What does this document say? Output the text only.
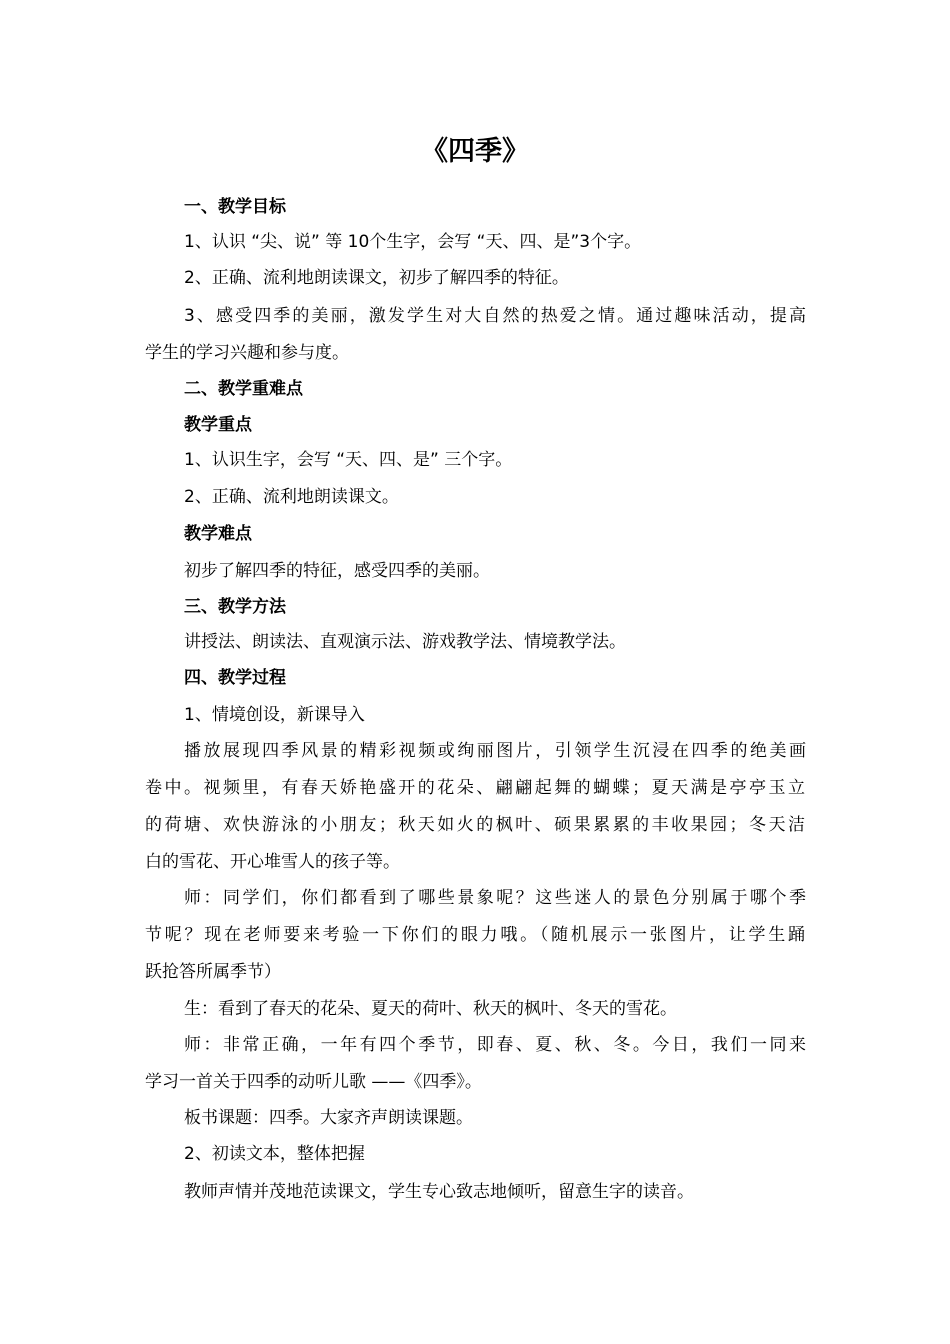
《四季》
一、教学目标
1、认识 “尖、说” 等 10个生字，会写 “天、四、是”3个字。
2、正确、流利地朗读课文，初步了解四季的特征。
3、感受四季的美丽，激发学生对大自然的热爱之情。通过趣味活动，提高
学生的学习兴趣和参与度。
二、教学重难点
教学重点
1、认识生字，会写 “天、四、是” 三个字。
2、正确、流利地朗读课文。
教学难点
初步了解四季的特征，感受四季的美丽。
三、教学方法
讲授法、朗读法、直观演示法、游戏教学法、情境教学法。
四、教学过程
1、情境创设，新课导入
播放展现四季风景的精彩视频或绚丽图片，引领学生沉浸在四季的绝美画
卷中。视频里，有春天娇艳盛开的花朵、翩翩起舞的蝴蝶；夏天满是亭亭玉立
的荷塘、欢快游泳的小朋友；秋天如火的枫叶、硕果累累的丰收果园；冬天洁
白的雪花、开心堆雪人的孩子等。
师：同学们，你们都看到了哪些景象呢？这些迷人的景色分别属于哪个季
节呢？现在老师要来考验一下你们的眼力哦。（随机展示一张图片，让学生踊
跃抢答所属季节）
生：看到了春天的花朵、夏天的荷叶、秋天的枫叶、冬天的雪花。
师：非常正确，一年有四个季节，即春、夏、秋、冬。今日，我们一同来
学习一首关于四季的动听儿歌 ——《四季》。
板书课题：四季。大家齐声朗读课题。
2、初读文本，整体把握
教师声情并茂地范读课文，学生专心致志地倾听，留意生字的读音。
